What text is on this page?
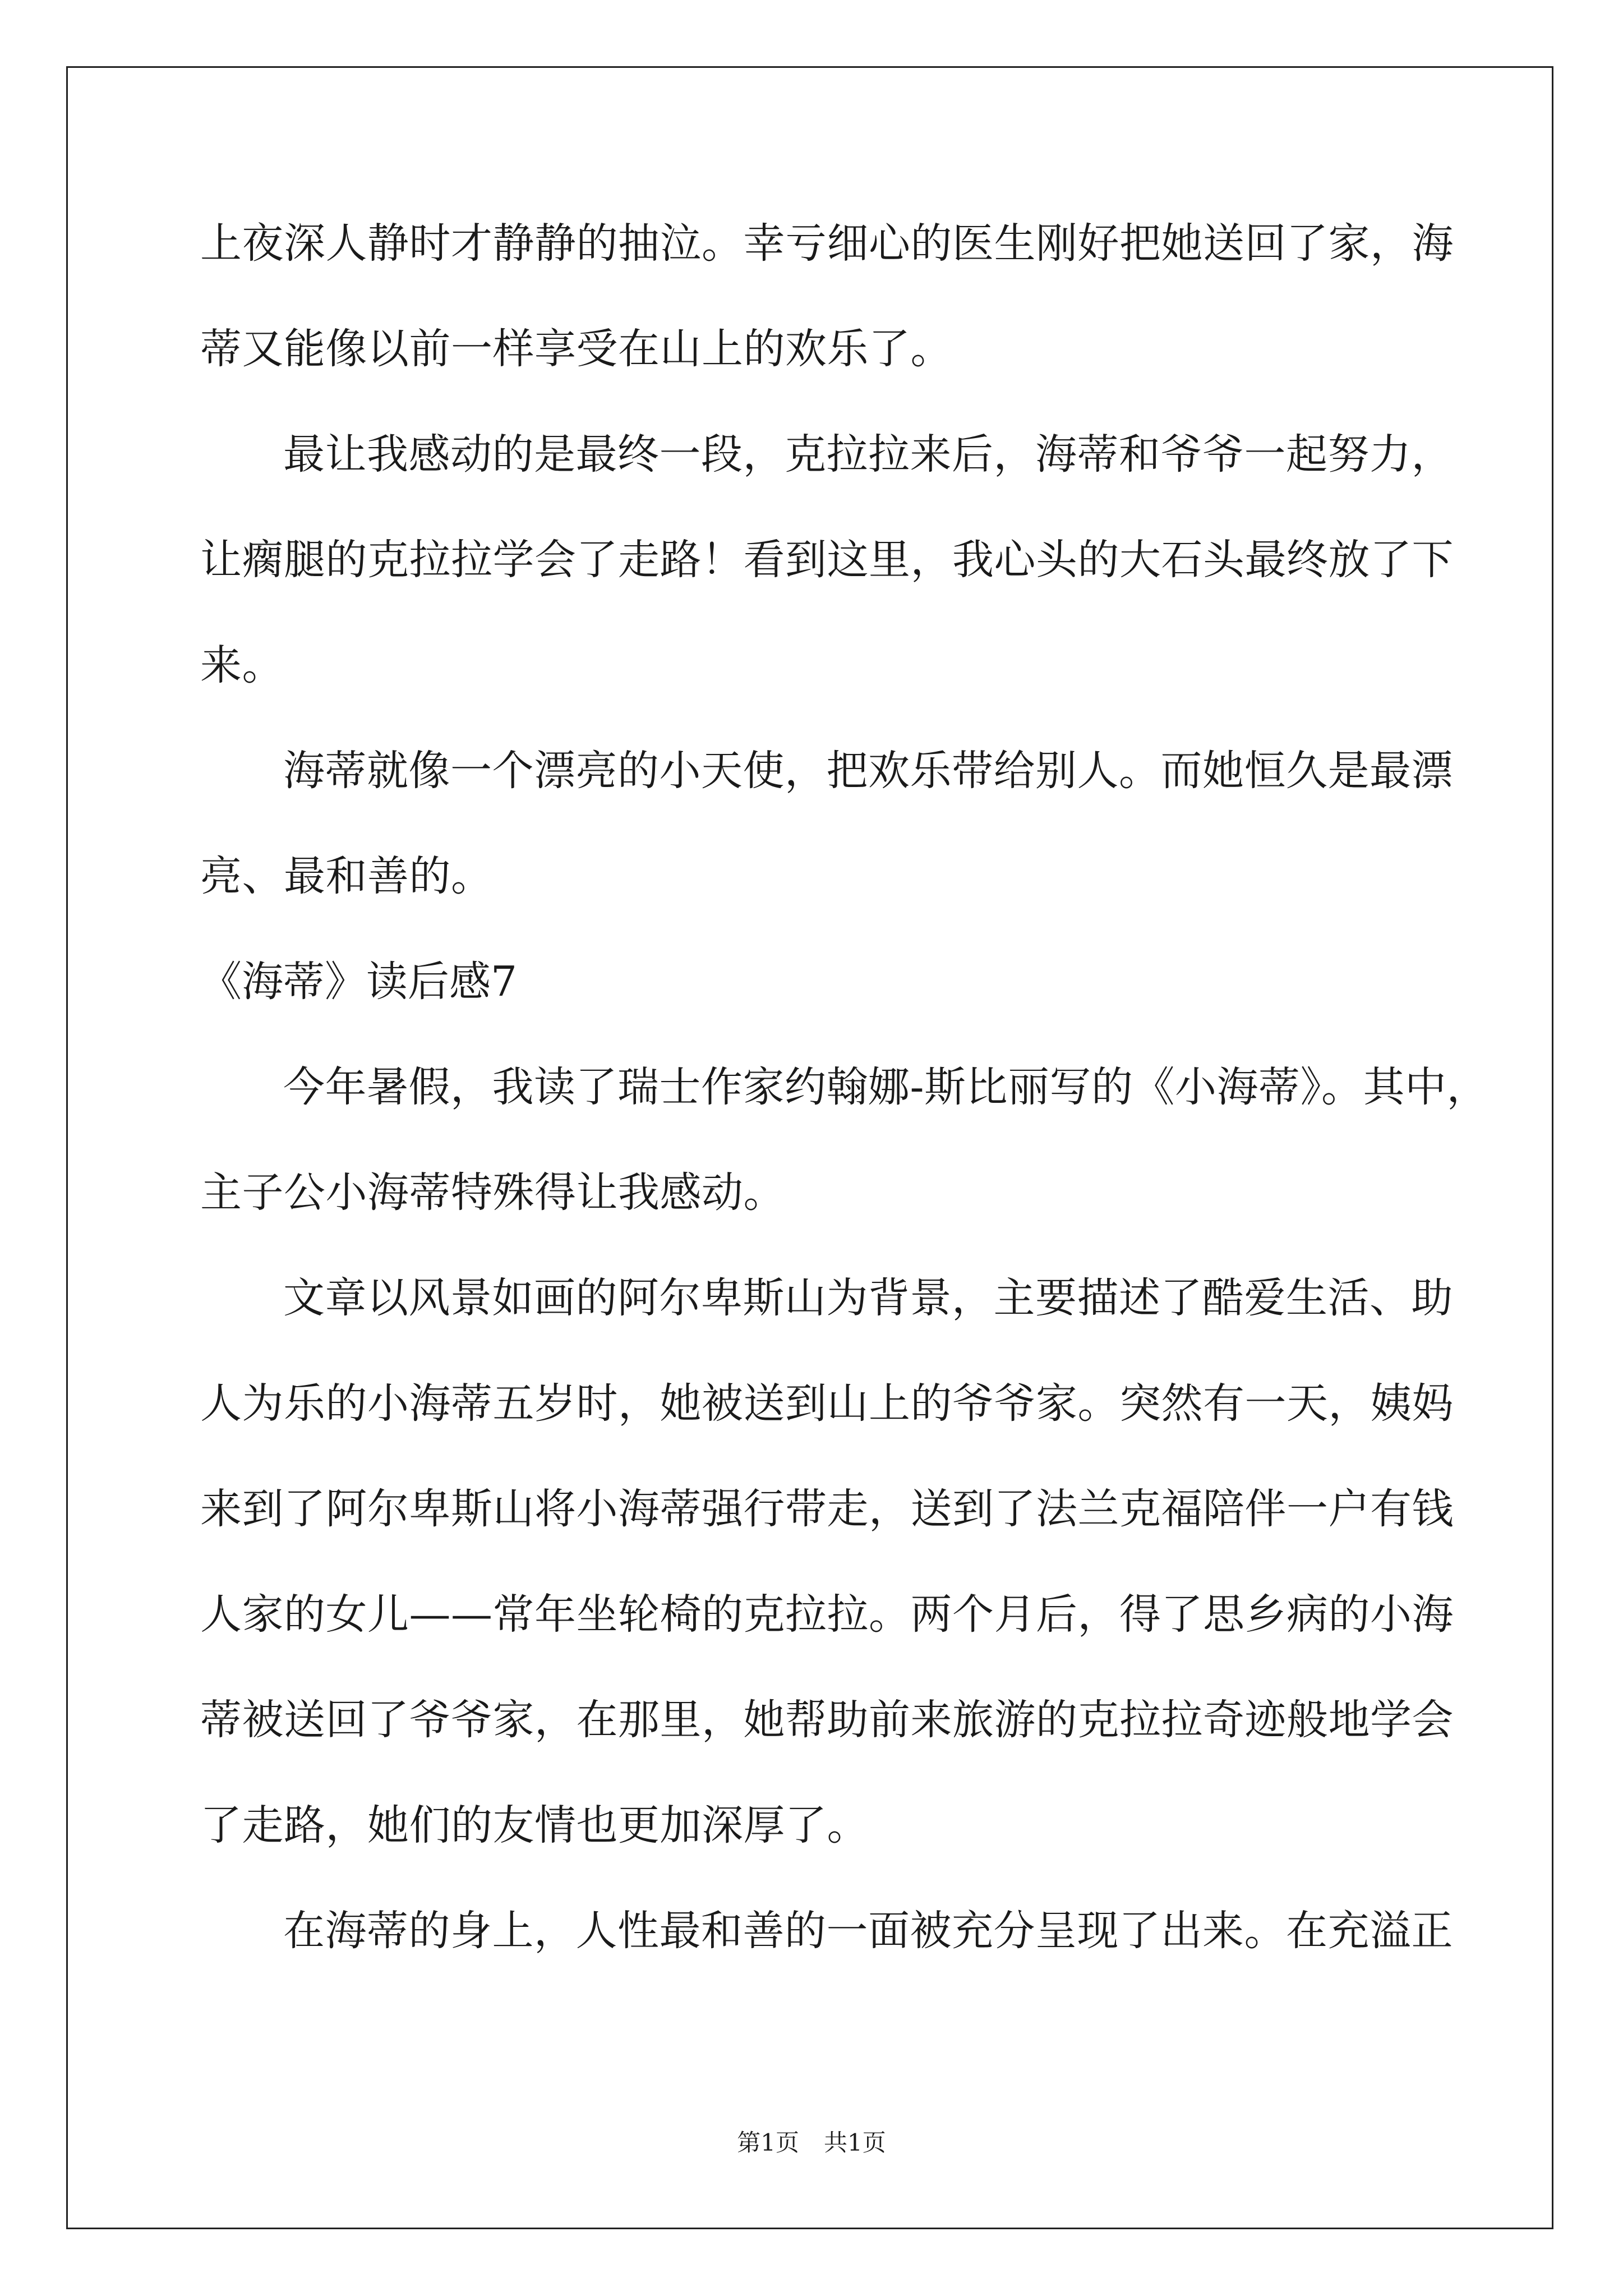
上夜深人静时才静静的抽泣。幸亏细心的医生刚好把她送回了家，海
蒂又能像以前一样享受在山上的欢乐了。
最让我感动的是最终一段，克拉拉来后，海蒂和爷爷一起努力，
让瘸腿的克拉拉学会了走路！看到这里，我心头的大石头最终放了下
来。
海蒂就像一个漂亮的小天使，把欢乐带给别人。而她恒久是最漂
亮、最和善的。
《海蒂》读后感7
今年暑假，我读了瑞士作家约翰娜-斯比丽写的《小海蒂》。其中，
主子公小海蒂特殊得让我感动。
文章以风景如画的阿尔卑斯山为背景，主要描述了酷爱生活、助
人为乐的小海蒂五岁时，她被送到山上的爷爷家。突然有一天，姨妈
来到了阿尔卑斯山将小海蒂强行带走，送到了法兰克福陪伴一户有钱
人家的女儿——常年坐轮椅的克拉拉。两个月后，得了思乡病的小海
蒂被送回了爷爷家，在那里，她帮助前来旅游的克拉拉奇迹般地学会
了走路，她们的友情也更加深厚了。
在海蒂的身上，人性最和善的一面被充分呈现了出来。在充溢正
第1页 共1页
